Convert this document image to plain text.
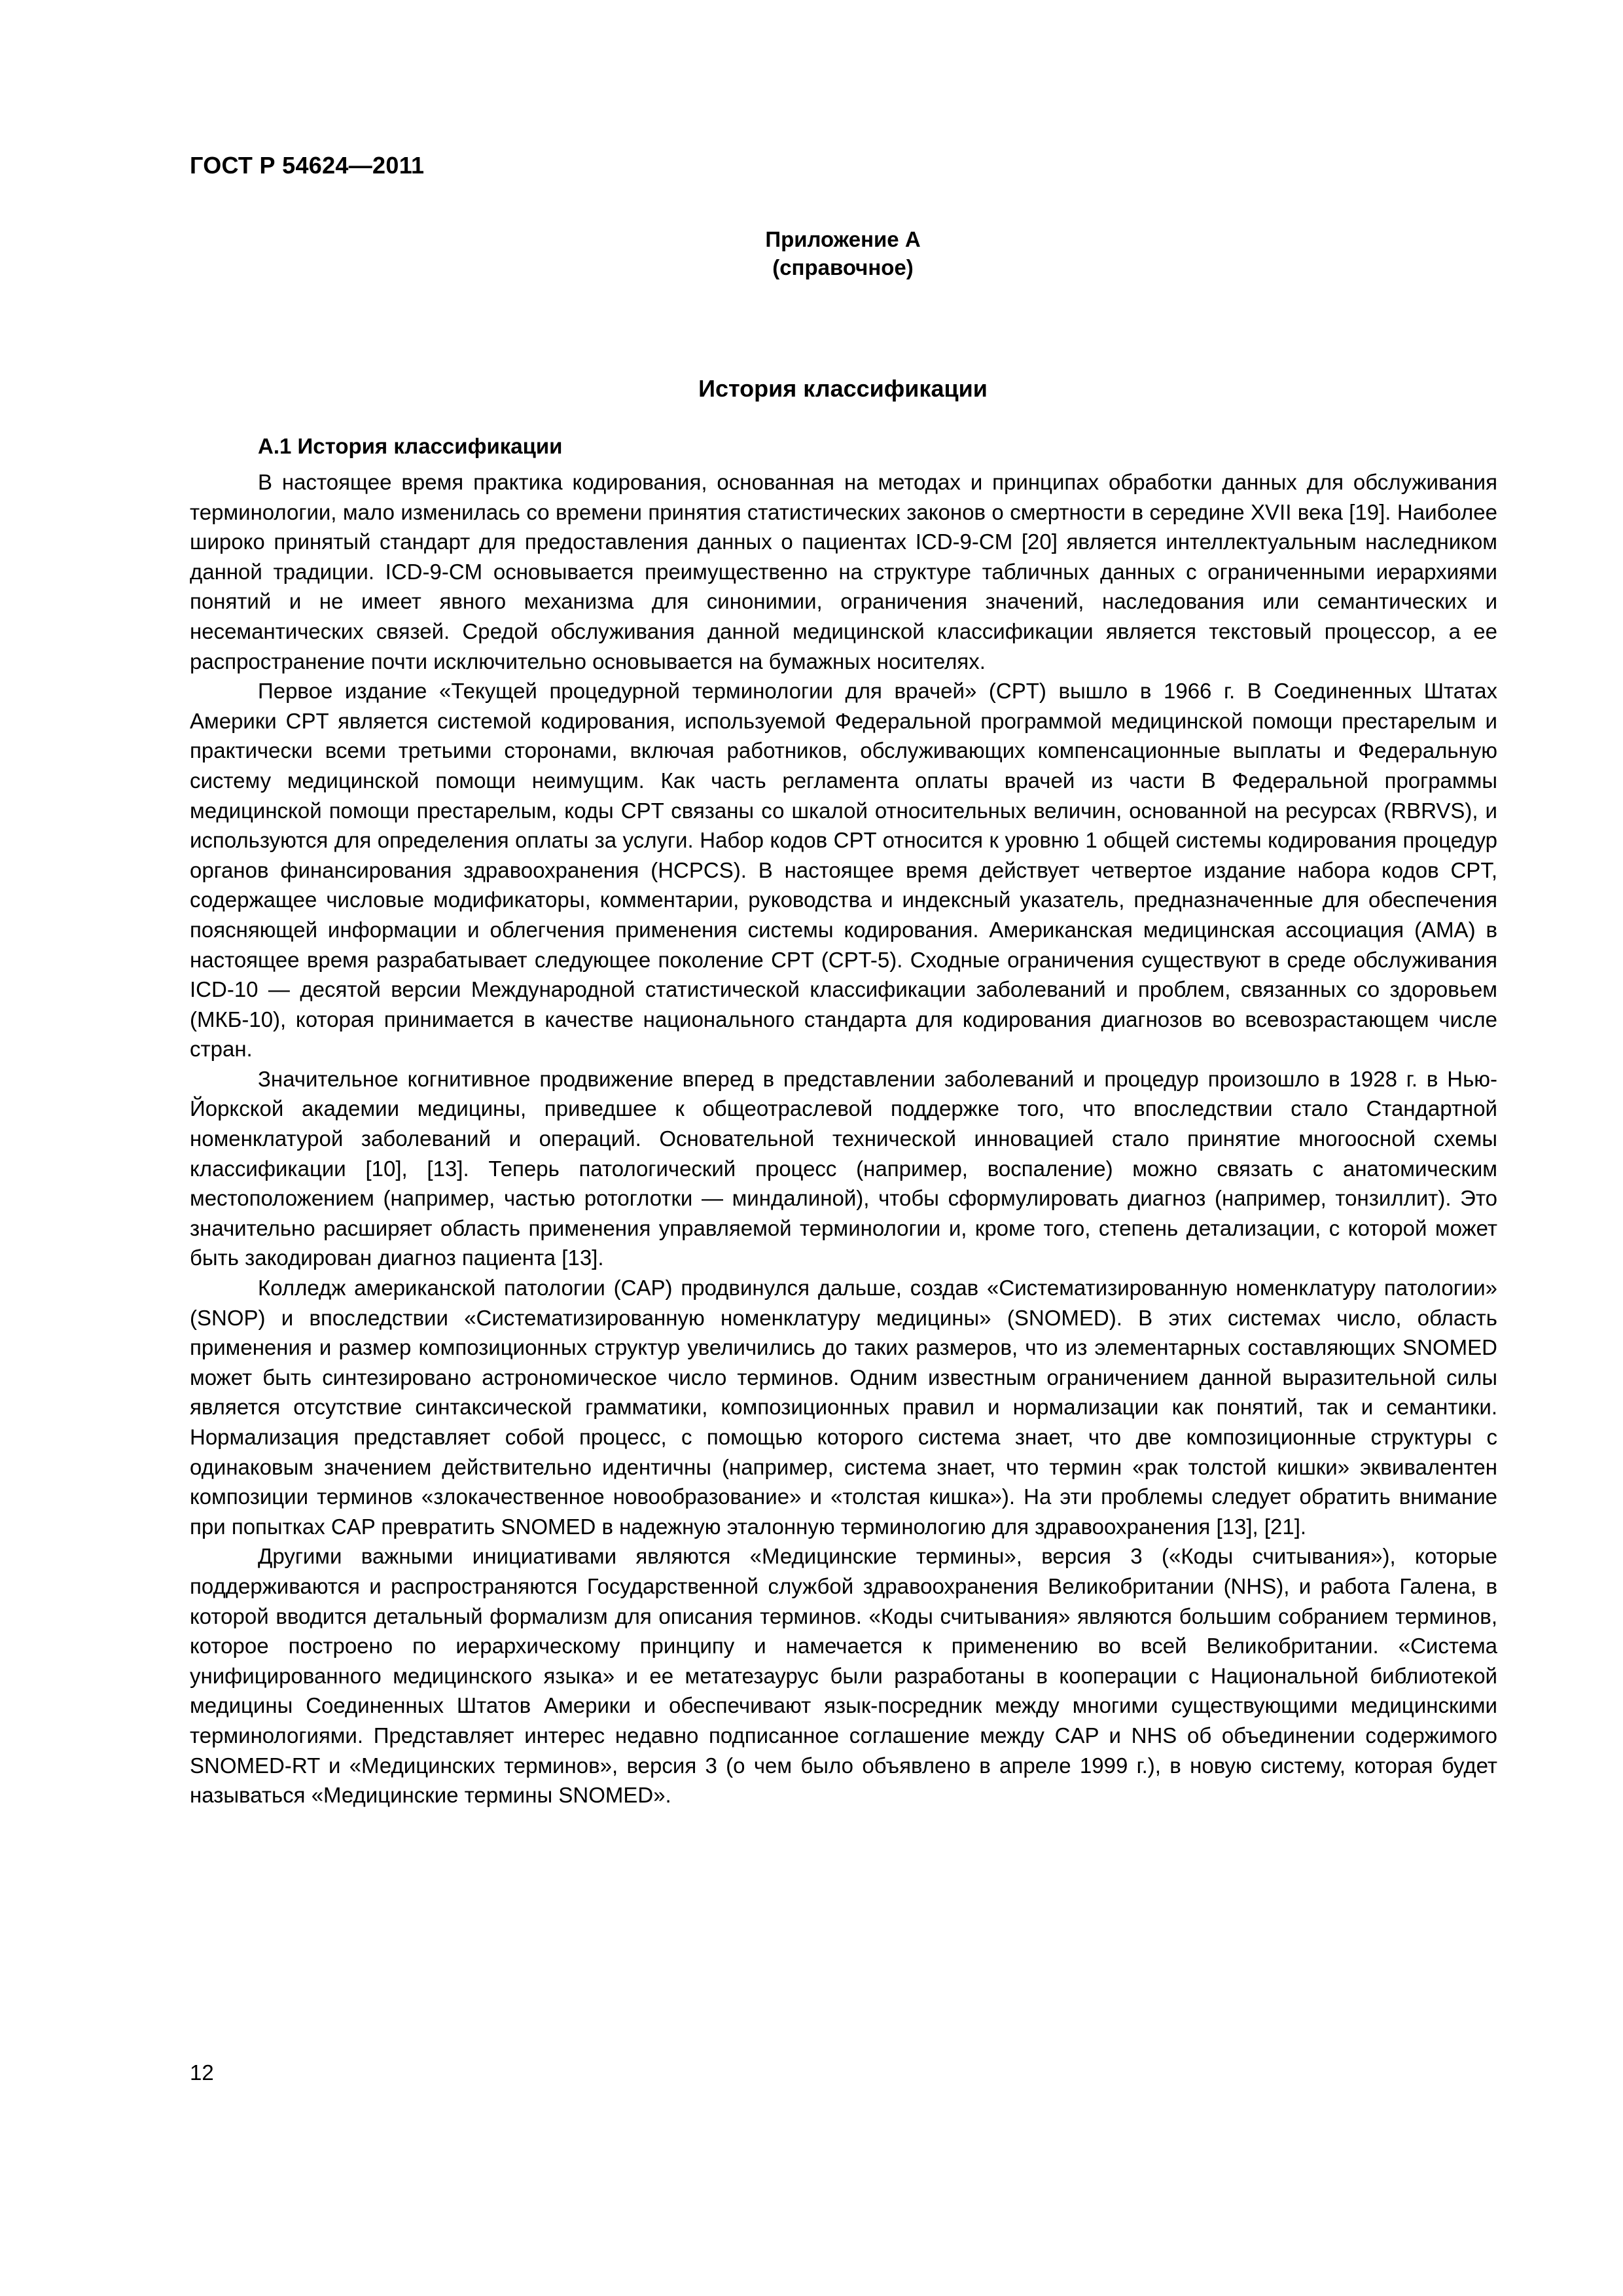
ГОСТ Р 54624—2011
Приложение А
(справочное)
История классификации
А.1 История классификации

В настоящее время практика кодирования, основанная на методах и принципах обработки данных для обслуживания терминологии, мало изменилась со времени принятия статистических законов о смертности в середине XVII века [19]. Наиболее широко принятый стандарт для предоставления данных о пациентах ICD-9-CM [20] является интеллектуальным наследником данной традиции. ICD-9-CM основывается преимущественно на структуре табличных данных с ограниченными иерархиями понятий и не имеет явного механизма для синонимии, ограничения значений, наследования или семантических и несемантических связей. Средой обслуживания данной медицинской классификации является текстовый процессор, а ее распространение почти исключительно основывается на бумажных носителях.

Первое издание «Текущей процедурной терминологии для врачей» (CPT) вышло в 1966 г. В Соединенных Штатах Америки CPT является системой кодирования, используемой Федеральной программой медицинской помощи престарелым и практически всеми третьими сторонами, включая работников, обслуживающих компенсационные выплаты и Федеральную систему медицинской помощи неимущим. Как часть регламента оплаты врачей из части В Федеральной программы медицинской помощи престарелым, коды CPT связаны со шкалой относительных величин, основанной на ресурсах (RBRVS), и используются для определения оплаты за услуги. Набор кодов CPT относится к уровню 1 общей системы кодирования процедур органов финансирования здравоохранения (HCPCS). В настоящее время действует четвертое издание набора кодов CPT, содержащее числовые модификаторы, комментарии, руководства и индексный указатель, предназначенные для обеспечения поясняющей информации и облегчения применения системы кодирования. Американская медицинская ассоциация (AMA) в настоящее время разрабатывает следующее поколение CPT (CPT-5). Сходные ограничения существуют в среде обслуживания ICD-10 — десятой версии Международной статистической классификации заболеваний и проблем, связанных со здоровьем (МКБ-10), которая принимается в качестве национального стандарта для кодирования диагнозов во всевозрастающем числе стран.

Значительное когнитивное продвижение вперед в представлении заболеваний и процедур произошло в 1928 г. в Нью-Йоркской академии медицины, приведшее к общеотраслевой поддержке того, что впоследствии стало Стандартной номенклатурой заболеваний и операций. Основательной технической инновацией стало принятие многоосной схемы классификации [10], [13]. Теперь патологический процесс (например, воспаление) можно связать с анатомическим местоположением (например, частью ротоглотки — миндалиной), чтобы сформулировать диагноз (например, тонзиллит). Это значительно расширяет область применения управляемой терминологии и, кроме того, степень детализации, с которой может быть закодирован диагноз пациента [13].

Колледж американской патологии (CAP) продвинулся дальше, создав «Систематизированную номенклатуру патологии» (SNOP) и впоследствии «Систематизированную номенклатуру медицины» (SNOMED). В этих системах число, область применения и размер композиционных структур увеличились до таких размеров, что из элементарных составляющих SNOMED может быть синтезировано астрономическое число терминов. Одним известным ограничением данной выразительной силы является отсутствие синтаксической грамматики, композиционных правил и нормализации как понятий, так и семантики. Нормализация представляет собой процесс, с помощью которого система знает, что две композиционные структуры с одинаковым значением действительно идентичны (например, система знает, что термин «рак толстой кишки» эквивалентен композиции терминов «злокачественное новообразование» и «толстая кишка»). На эти проблемы следует обратить внимание при попытках CAP превратить SNOMED в надежную эталонную терминологию для здравоохранения [13], [21].

Другими важными инициативами являются «Медицинские термины», версия 3 («Коды считывания»), которые поддерживаются и распространяются Государственной службой здравоохранения Великобритании (NHS), и работа Галена, в которой вводится детальный формализм для описания терминов. «Коды считывания» являются большим собранием терминов, которое построено по иерархическому принципу и намечается к применению во всей Великобритании. «Система унифицированного медицинского языка» и ее метатезаурус были разработаны в кооперации с Национальной библиотекой медицины Соединенных Штатов Америки и обеспечивают язык-посредник между многими существующими медицинскими терминологиями. Представляет интерес недавно подписанное соглашение между CAP и NHS об объединении содержимого SNOMED-RT и «Медицинских терминов», версия 3 (о чем было объявлено в апреле 1999 г.), в новую систему, которая будет называться «Медицинские термины SNOMED».

12
